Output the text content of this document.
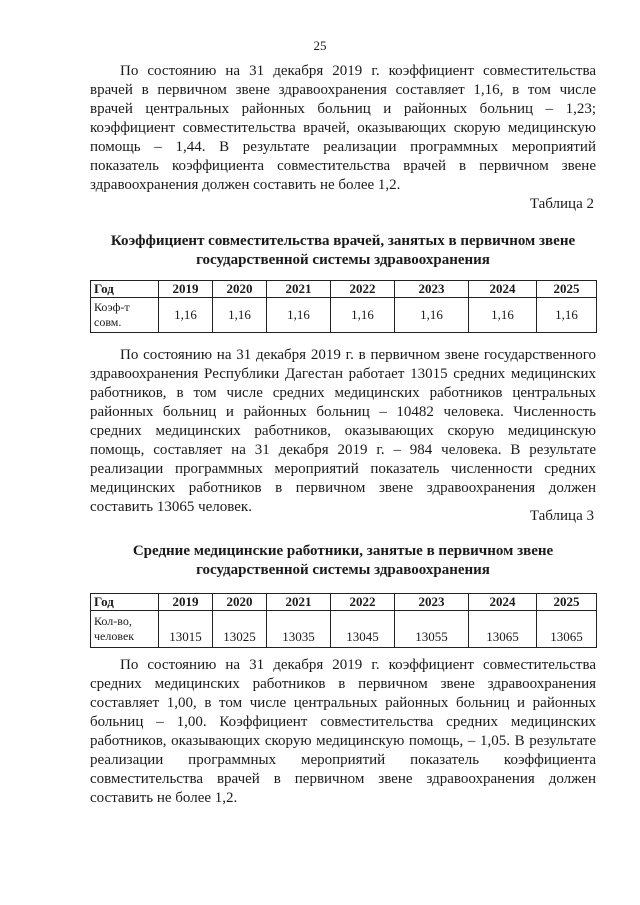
25

По состоянию на 31 декабря 2019 г. коэффициент совместительства врачей в первичном звене здравоохранения составляет 1,16, в том числе врачей центральных районных больниц и районных больниц – 1,23; коэффициент совместительства врачей, оказывающих скорую медицинскую помощь – 1,44. В результате реализации программных мероприятий показатель коэффициента совместительства врачей в первичном звене здравоохранения должен составить не более 1,2.

Таблица 2
Коэффициент совместительства врачей, занятых в первичном звене государственной системы здравоохранения
Год	2019	2020	2021	2022	2023	2024	2025
Коэф-т совм.	1,16	1,16	1,16	1,16	1,16	1,16	1,16

По состоянию на 31 декабря 2019 г. в первичном звене государственного здравоохранения Республики Дагестан работает 13015 средних медицинских работников, в том числе средних медицинских работников центральных районных больниц и районных больниц – 10482 человека. Численность средних медицинских работников, оказывающих скорую медицинскую помощь, составляет на 31 декабря 2019 г. – 984 человека. В результате реализации программных мероприятий показатель численности средних медицинских работников в первичном звене здравоохранения должен составить 13065 человек.

Таблица 3
Средние медицинские работники, занятые в первичном звене государственной системы здравоохранения
Год	2019	2020	2021	2022	2023	2024	2025
Кол-во, человек	13015	13025	13035	13045	13055	13065	13065

По состоянию на 31 декабря 2019 г. коэффициент совместительства средних медицинских работников в первичном звене здравоохранения составляет 1,00, в том числе центральных районных больниц и районных больниц – 1,00. Коэффициент совместительства средних медицинских работников, оказывающих скорую медицинскую помощь, – 1,05. В результате реализации программных мероприятий показатель коэффициента совместительства врачей в первичном звене здравоохранения должен составить не более 1,2.
